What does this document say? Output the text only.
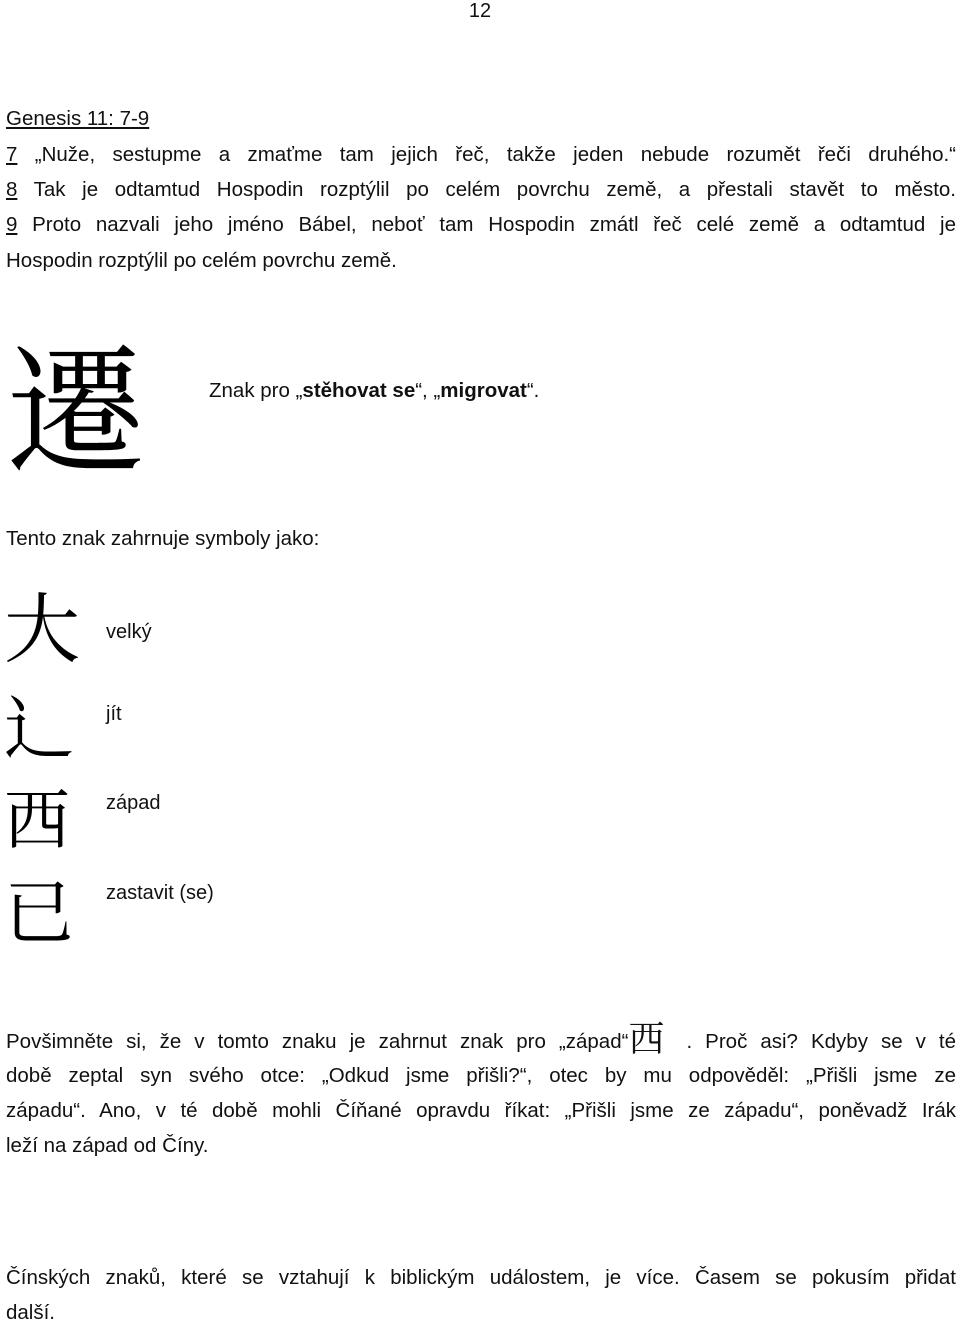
12
Genesis 11: 7-9
7 „Nuže, sestupme a zmaťme tam jejich řeč, takže jeden nebude rozumět řeči druhého.“
8 Tak je odtamtud Hospodin rozptýlil po celém povrchu země, a přestali stavět to město.
9 Proto nazvali jeho jméno Bábel, neboť tam Hospodin zmátl řeč celé země a odtamtud je
Hospodin rozptýlil po celém povrchu země.
遷	Znak pro „stěhovat se“, „migrovat“.
Tento znak zahrnuje symboly jako:
大 velký
辶 jít
西 západ
已 zastavit (se)
Povšimněte si, že v tomto znaku je zahrnut znak pro „západ“西 . Proč asi? Kdyby se v té
době zeptal syn svého otce: „Odkud jsme přišli?“, otec by mu odpověděl: „Přišli jsme ze
západu“. Ano, v té době mohli Číňané opravdu říkat: „Přišli jsme ze západu“, poněvadž Irák
leží na západ od Číny.
Čínských znaků, které se vztahují k biblickým událostem, je více. Časem se pokusím přidat
další.
